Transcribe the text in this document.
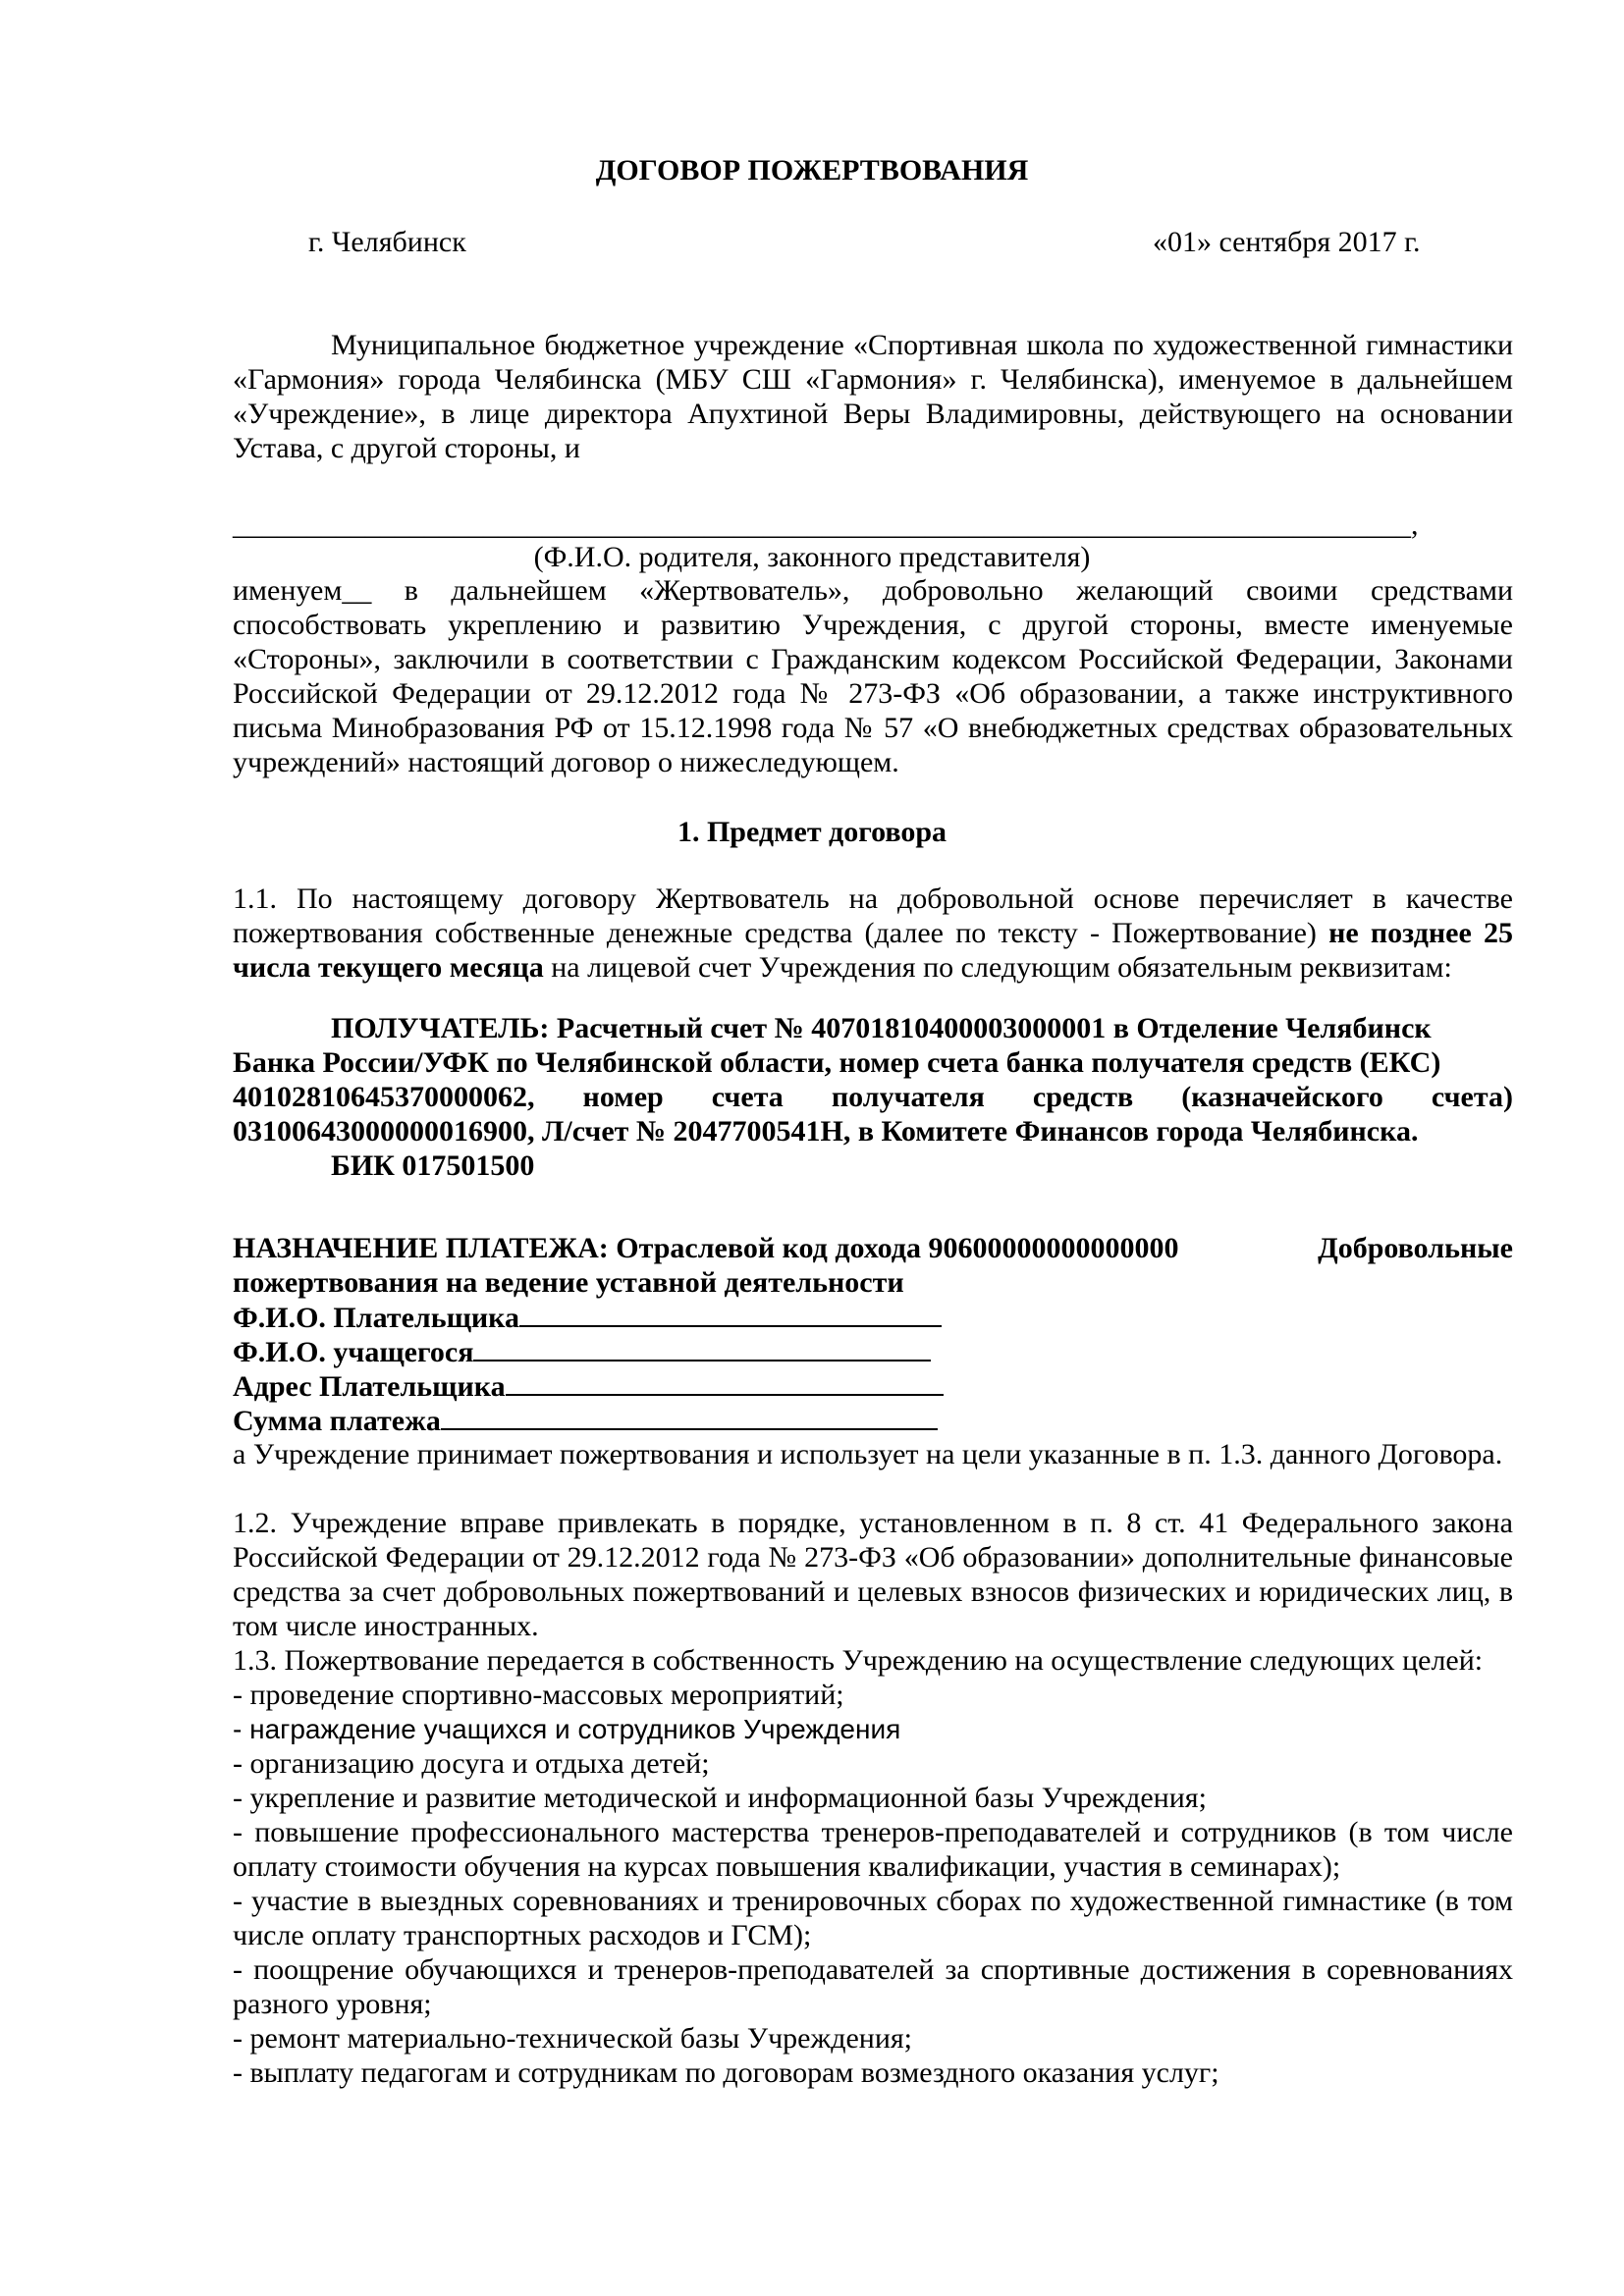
ДОГОВОР ПОЖЕРТВОВАНИЯ
г. Челябинск	«01» сентября 2017 г.
Муниципальное бюджетное учреждение «Спортивная школа по художественной гимнастики «Гармония» города Челябинска (МБУ СШ «Гармония» г. Челябинска), именуемое в дальнейшем «Учреждение», в лице директора Апухтиной Веры Владимировны, действующего на основании Устава, с другой стороны, и
________________________________________________________________________________,
(Ф.И.О. родителя, законного представителя)
именуем__ в дальнейшем «Жертвователь», добровольно желающий своими средствами способствовать укреплению и развитию Учреждения, с другой стороны, вместе именуемые «Стороны», заключили в соответствии с Гражданским кодексом Российской Федерации, Законами Российской Федерации от 29.12.2012 года № 273-ФЗ «Об образовании, а также инструктивного письма Минобразования РФ от 15.12.1998 года № 57 «О внебюджетных средствах образовательных учреждений» настоящий договор о нижеследующем.
1. Предмет договора
1.1. По настоящему договору Жертвователь на добровольной основе перечисляет в качестве пожертвования собственные денежные средства (далее по тексту - Пожертвование) не позднее 25 числа текущего месяца на лицевой счет Учреждения по следующим обязательным реквизитам:
ПОЛУЧАТЕЛЬ: Расчетный счет № 40701810400003000001 в Отделение Челябинск
Банка России/УФК по Челябинской области, номер счета банка получателя средств (ЕКС)
40102810645370000062, номер счета получателя средств (казначейского счета)
03100643000000016900, Л/счет № 2047700541Н, в Комитете Финансов города Челябинска.
БИК 017501500
НАЗНАЧЕНИЕ ПЛАТЕЖА: Отраслевой код дохода 90600000000000000	Добровольные
пожертвования на ведение уставной деятельности
Ф.И.О. Плательщика
Ф.И.О. учащегося
Адрес Плательщика
Сумма платежа
а Учреждение принимает пожертвования и использует на цели указанные в п. 1.3. данного Договора.
1.2. Учреждение вправе привлекать в порядке, установленном в п. 8 ст. 41 Федерального закона Российской Федерации от 29.12.2012 года № 273-ФЗ «Об образовании» дополнительные финансовые средства за счет добровольных пожертвований и целевых взносов физических и юридических лиц, в том числе иностранных.
1.3. Пожертвование передается в собственность Учреждению на осуществление следующих целей:
- проведение спортивно-массовых мероприятий;
- награждение учащихся и сотрудников Учреждения
- организацию досуга и отдыха детей;
- укрепление и развитие методической и информационной базы Учреждения;
- повышение профессионального мастерства тренеров-преподавателей и сотрудников (в том числе оплату стоимости обучения на курсах повышения квалификации, участия в семинарах);
- участие в выездных соревнованиях и тренировочных сборах по художественной гимнастике (в том числе оплату транспортных расходов и ГСМ);
- поощрение обучающихся и тренеров-преподавателей за спортивные достижения в соревнованиях разного уровня;
- ремонт материально-технической базы Учреждения;
- выплату педагогам и сотрудникам по договорам возмездного оказания услуг;
